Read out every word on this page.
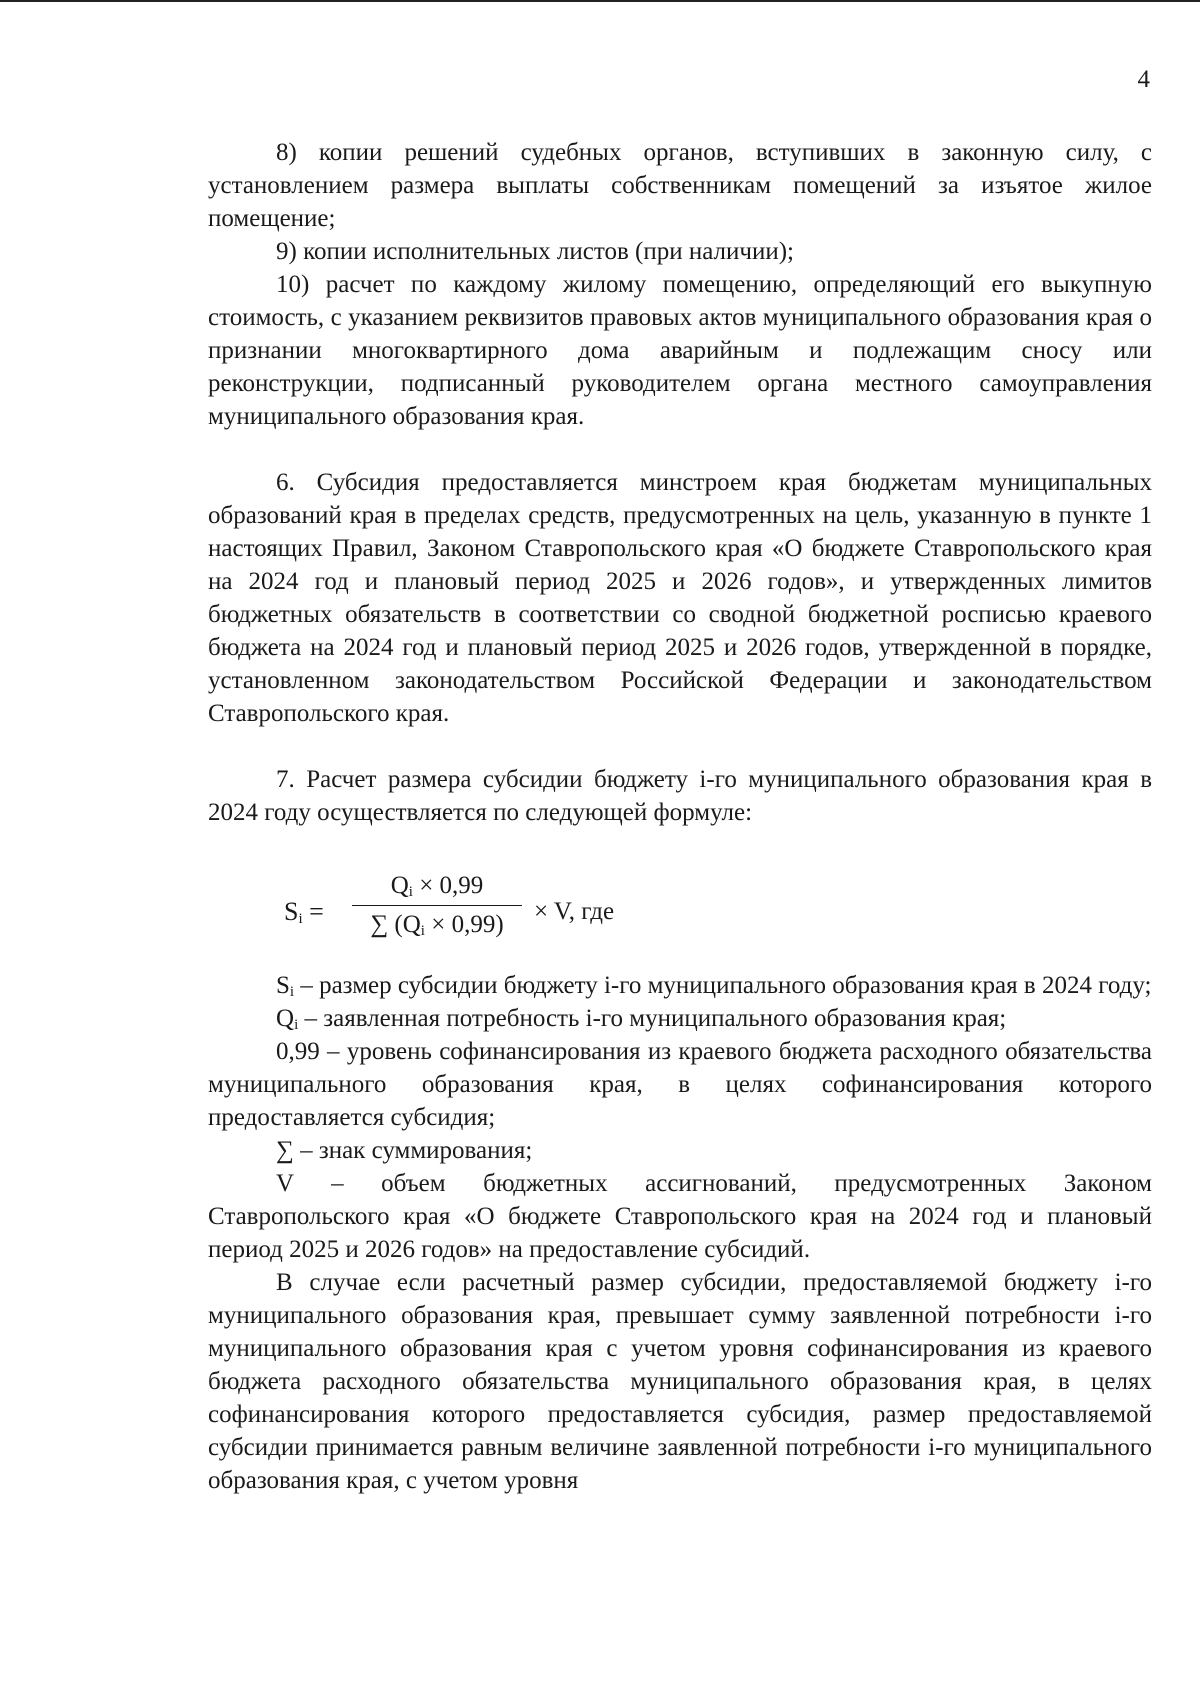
4

8) копии решений судебных органов, вступивших в законную силу, с установлением размера выплаты собственникам помещений за изъятое жилое помещение;

9) копии исполнительных листов (при наличии);

10) расчет по каждому жилому помещению, определяющий его выкупную стоимость, с указанием реквизитов правовых актов муниципального образования края о признании многоквартирного дома аварийным и подлежащим сносу или реконструкции, подписанный руководителем органа местного самоуправления муниципального образования края.

6. Субсидия предоставляется минстроем края бюджетам муниципальных образований края в пределах средств, предусмотренных на цель, указанную в пункте 1 настоящих Правил, Законом Ставропольского края «О бюджете Ставропольского края на 2024 год и плановый период 2025 и 2026 годов», и утвержденных лимитов бюджетных обязательств в соответствии со сводной бюджетной росписью краевого бюджета на 2024 год и плановый период 2025 и 2026 годов, утвержденной в порядке, установленном законодательством Российской Федерации и законодательством Ставропольского края.

7. Расчет размера субсидии бюджету i-го муниципального образования края в 2024 году осуществляется по следующей формуле:

$S_i = \frac{Q_i \times 0,99}{\sum (Q_i \times 0,99)} \times V$, где

$S_i$ – размер субсидии бюджету i-го муниципального образования края в 2024 году;

$Q_i$ – заявленная потребность i-го муниципального образования края;

0,99 – уровень софинансирования из краевого бюджета расходного обязательства муниципального образования края, в целях софинансирования которого предоставляется субсидия;

∑ – знак суммирования;

V – объем бюджетных ассигнований, предусмотренных Законом Ставропольского края «О бюджете Ставропольского края на 2024 год и плановый период 2025 и 2026 годов» на предоставление субсидий.

В случае если расчетный размер субсидии, предоставляемой бюджету i-го муниципального образования края, превышает сумму заявленной потребности i-го муниципального образования края с учетом уровня софинансирования из краевого бюджета расходного обязательства муниципального образования края, в целях софинансирования которого предоставляется субсидия, размер предоставляемой субсидии принимается равным величине заявленной потребности i-го муниципального образования края, с учетом уровня
